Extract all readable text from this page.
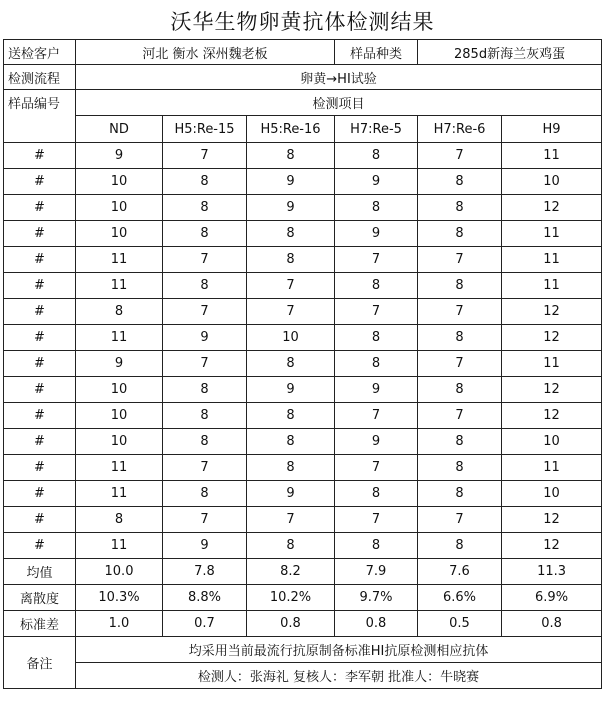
沃华生物卵黄抗体检测结果						
送检客户	河北 衡水 深州魏老板			样品种类	285d新海兰灰鸡蛋	
检测流程	卵黄→HI试验					
样品编号	检测项目					
	ND	H5:Re-15	H5:Re-16	H7:Re-5	H7:Re-6	H9
#	9	7	8	8	7	11
#	10	8	9	9	8	10
#	10	8	9	8	8	12
#	10	8	8	9	8	11
#	11	7	8	7	7	11
#	11	8	7	8	8	11
#	8	7	7	7	7	12
#	11	9	10	8	8	12
#	9	7	8	8	7	11
#	10	8	9	9	8	12
#	10	8	8	7	7	12
#	10	8	8	9	8	10
#	11	7	8	7	8	11
#	11	8	9	8	8	10
#	8	7	7	7	7	12
#	11	9	8	8	8	12
均值	10.0	7.8	8.2	7.9	7.6	11.3
离散度	10.3%	8.8%	10.2%	9.7%	6.6%	6.9%
标准差	1.0	0.7	0.8	0.8	0.5	0.8
备注	均采用当前最流行抗原制备标准HI抗原检测相应抗体					
	检测人：张海礼 复核人：李军朝 批准人：牛晓赛					
